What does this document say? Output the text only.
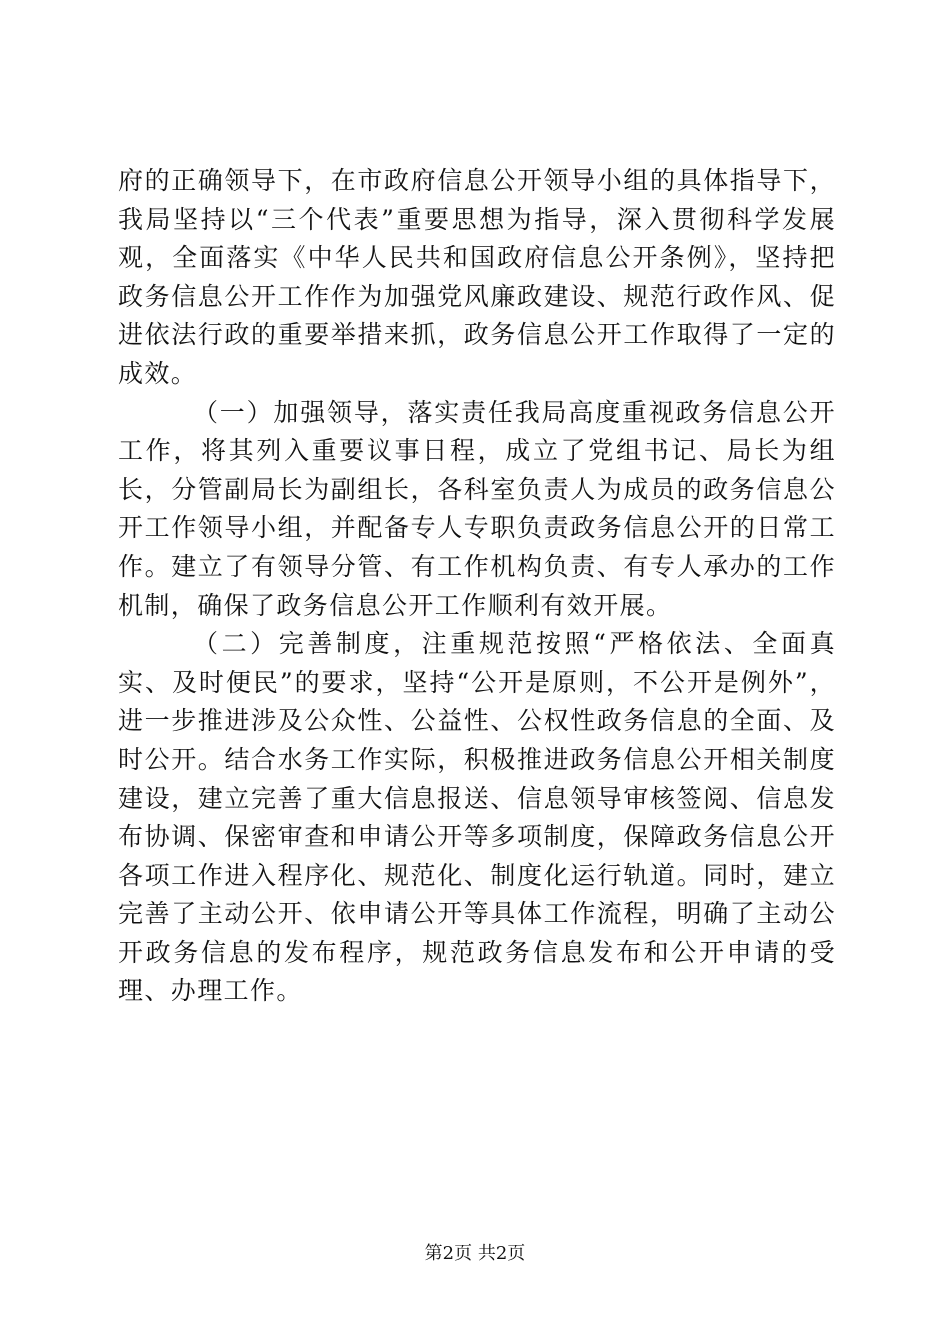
府的正确领导下，在市政府信息公开领导小组的具体指导下，我局坚持以“三个代表”重要思想为指导，深入贯彻科学发展观，全面落实《中华人民共和国政府信息公开条例》，坚持把政务信息公开工作作为加强党风廉政建设、规范行政作风、促进依法行政的重要举措来抓，政务信息公开工作取得了一定的成效。

（一）加强领导，落实责任我局高度重视政务信息公开工作，将其列入重要议事日程，成立了党组书记、局长为组长，分管副局长为副组长，各科室负责人为成员的政务信息公开工作领导小组，并配备专人专职负责政务信息公开的日常工作。建立了有领导分管、有工作机构负责、有专人承办的工作机制，确保了政务信息公开工作顺利有效开展。

（二）完善制度，注重规范按照“严格依法、全面真实、及时便民”的要求，坚持“公开是原则，不公开是例外”，进一步推进涉及公众性、公益性、公权性政务信息的全面、及时公开。结合水务工作实际，积极推进政务信息公开相关制度建设，建立完善了重大信息报送、信息领导审核签阅、信息发布协调、保密审查和申请公开等多项制度，保障政务信息公开各项工作进入程序化、规范化、制度化运行轨道。同时，建立完善了主动公开、依申请公开等具体工作流程，明确了主动公开政务信息的发布程序，规范政务信息发布和公开申请的受理、办理工作。

第2页 共2页
